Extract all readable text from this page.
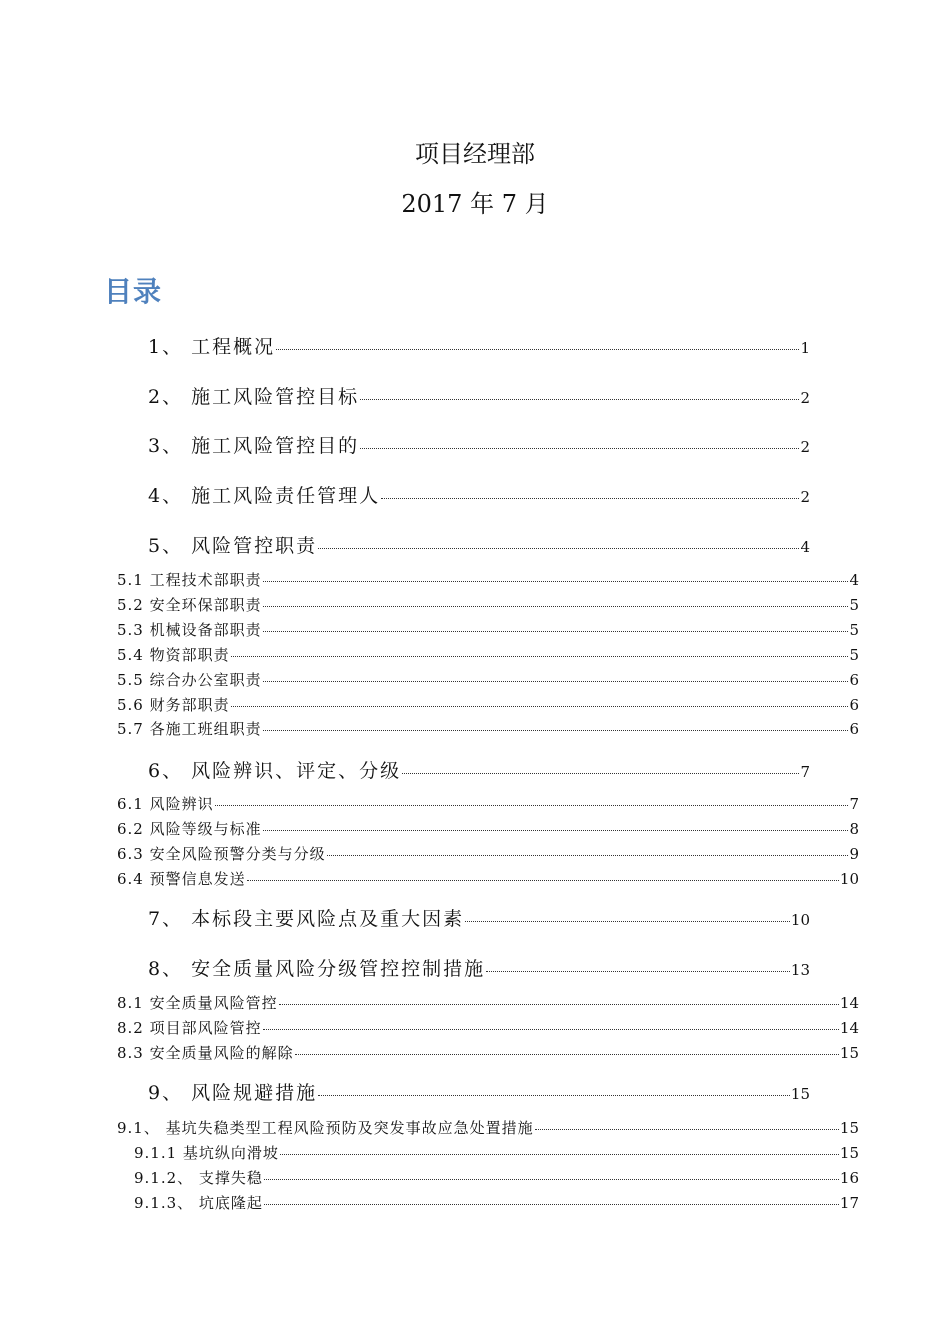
项目经理部
2017 年 7 月
目录
1、 工程概况	1
2、 施工风险管控目标	2
3、 施工风险管控目的	2
4、 施工风险责任管理人	2
5、 风险管控职责	4
5.1 工程技术部职责	4
5.2 安全环保部职责	5
5.3 机械设备部职责	5
5.4 物资部职责	5
5.5 综合办公室职责	6
5.6 财务部职责	6
5.7 各施工班组职责	6
6、 风险辨识、评定、分级	7
6.1 风险辨识	7
6.2 风险等级与标准	8
6.3 安全风险预警分类与分级	9
6.4 预警信息发送	10
7、 本标段主要风险点及重大因素	10
8、 安全质量风险分级管控控制措施	13
8.1 安全质量风险管控	14
8.2 项目部风险管控	14
8.3 安全质量风险的解除	15
9、 风险规避措施	15
9.1、 基坑失稳类型工程风险预防及突发事故应急处置措施	15
9.1.1 基坑纵向滑坡	15
9.1.2、 支撑失稳	16
9.1.3、 坑底隆起	17
